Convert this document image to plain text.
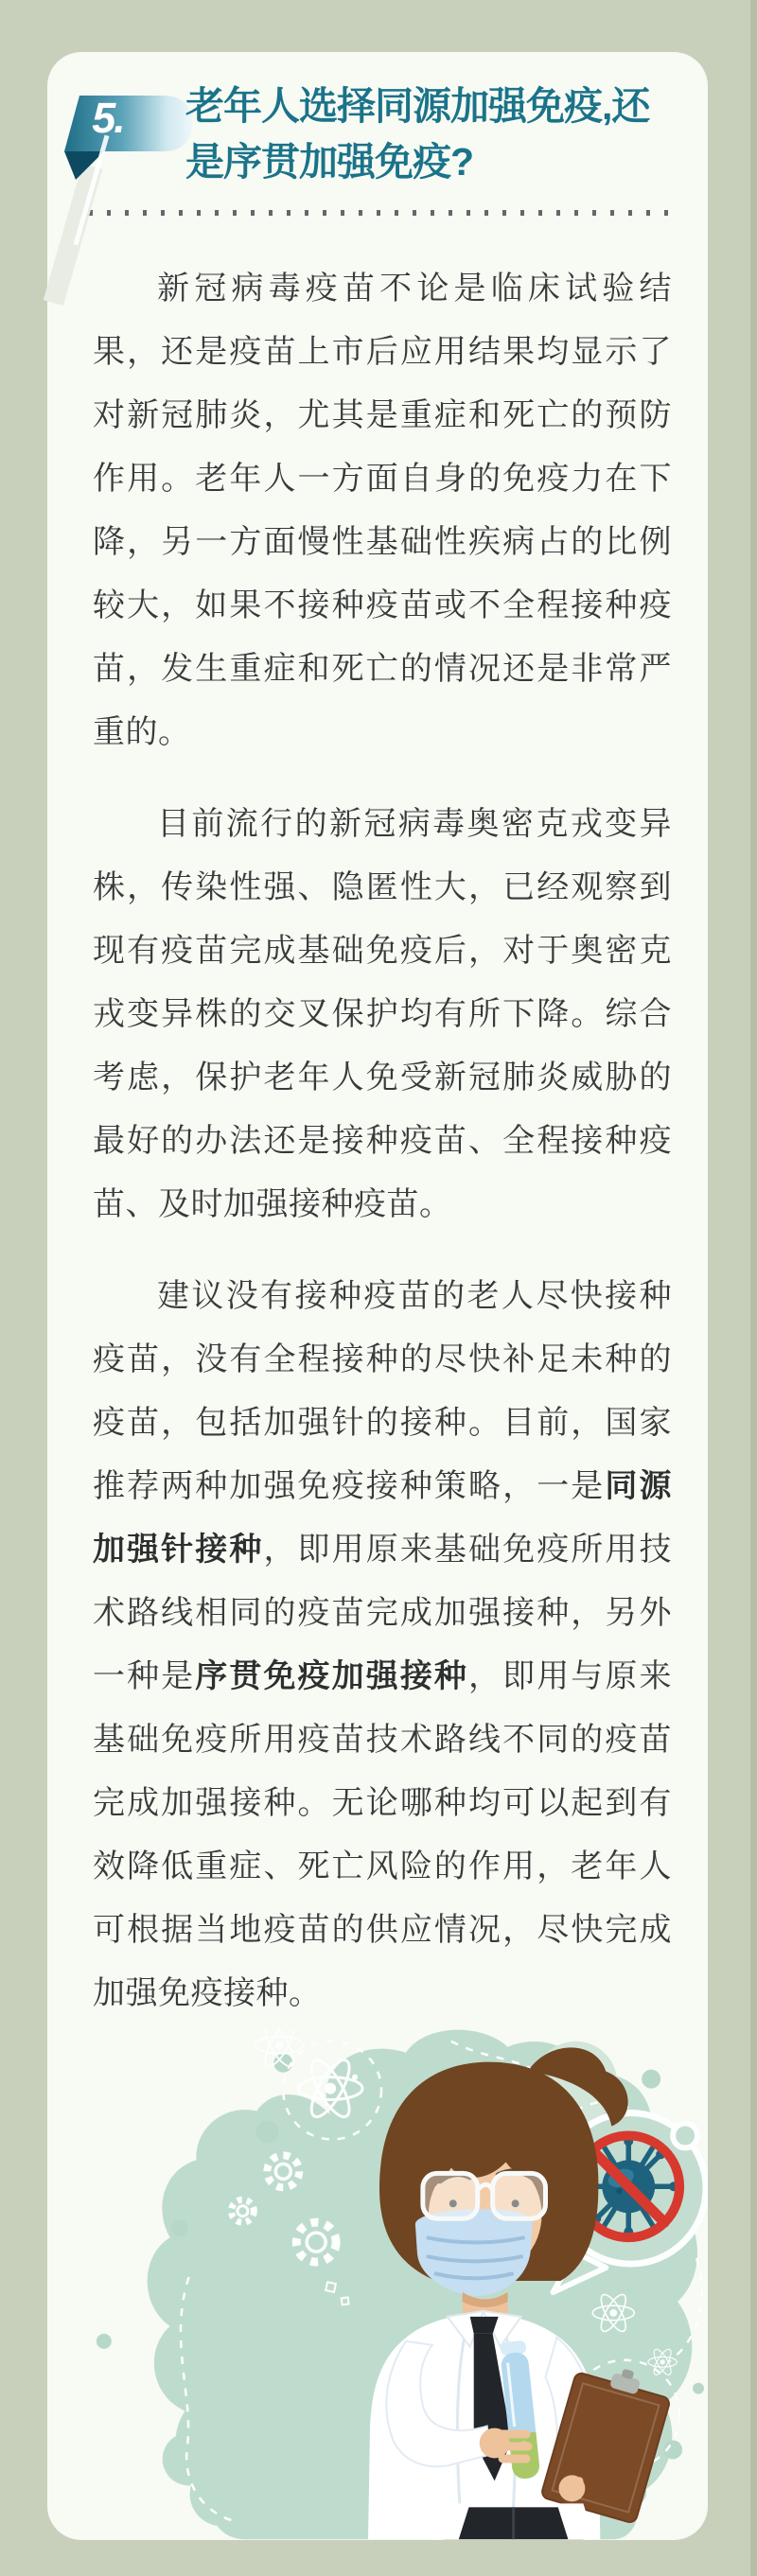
5.	老年人选择同源加强免疫,还
是序贯加强免疫?

新冠病毒疫苗不论是临床试验结果，还是疫苗上市后应用结果均显示了对新冠肺炎，尤其是重症和死亡的预防作用。老年人一方面自身的免疫力在下降，另一方面慢性基础性疾病占的比例较大，如果不接种疫苗或不全程接种疫苗，发生重症和死亡的情况还是非常严重的。

目前流行的新冠病毒奥密克戎变异株，传染性强、隐匿性大，已经观察到现有疫苗完成基础免疫后，对于奥密克戎变异株的交叉保护均有所下降。综合考虑，保护老年人免受新冠肺炎威胁的最好的办法还是接种疫苗、全程接种疫苗、及时加强接种疫苗。

建议没有接种疫苗的老人尽快接种疫苗，没有全程接种的尽快补足未种的疫苗，包括加强针的接种。目前，国家推荐两种加强免疫接种策略，一是同源加强针接种，即用原来基础免疫所用技术路线相同的疫苗完成加强接种，另外一种是序贯免疫加强接种，即用与原来基础免疫所用疫苗技术路线不同的疫苗完成加强接种。无论哪种均可以起到有效降低重症、死亡风险的作用，老年人可根据当地疫苗的供应情况，尽快完成加强免疫接种。
